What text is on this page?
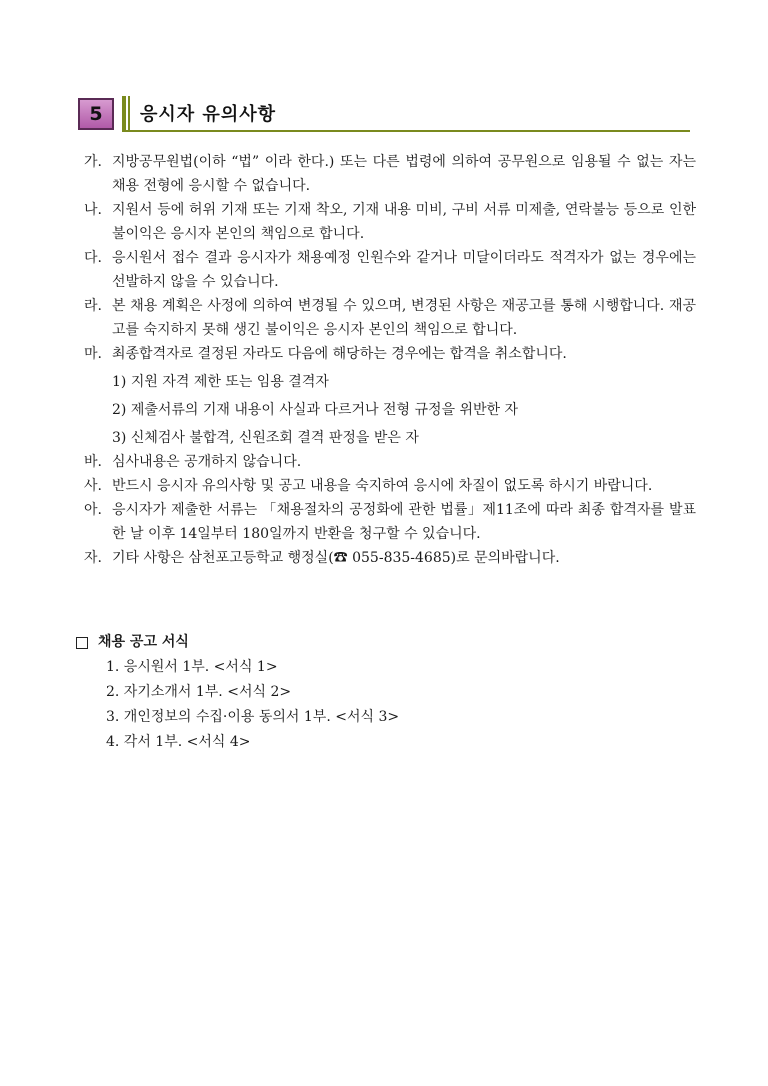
5	응시자 유의사항
가. 지방공무원법(이하 “법” 이라 한다.) 또는 다른 법령에 의하여 공무원으로 임용될 수 없는 자는 채용 전형에 응시할 수 없습니다.
나. 지원서 등에 허위 기재 또는 기재 착오, 기재 내용 미비, 구비 서류 미제출, 연락불능 등으로 인한 불이익은 응시자 본인의 책임으로 합니다.
다. 응시원서 접수 결과 응시자가 채용예정 인원수와 같거나 미달이더라도 적격자가 없는 경우에는 선발하지 않을 수 있습니다.
라. 본 채용 계획은 사정에 의하여 변경될 수 있으며, 변경된 사항은 재공고를 통해 시행합니다. 재공고를 숙지하지 못해 생긴 불이익은 응시자 본인의 책임으로 합니다.
마. 최종합격자로 결정된 자라도 다음에 해당하는 경우에는 합격을 취소합니다.
1) 지원 자격 제한 또는 임용 결격자
2) 제출서류의 기재 내용이 사실과 다르거나 전형 규정을 위반한 자
3) 신체검사 불합격, 신원조회 결격 판정을 받은 자
바. 심사내용은 공개하지 않습니다.
사. 반드시 응시자 유의사항 및 공고 내용을 숙지하여 응시에 차질이 없도록 하시기 바랍니다.
아. 응시자가 제출한 서류는 「채용절차의 공정화에 관한 법률」제11조에 따라 최종 합격자를 발표한 날 이후 14일부터 180일까지 반환을 청구할 수 있습니다.
자. 기타 사항은 삼천포고등학교 행정실(☎ 055-835-4685)로 문의바랍니다.
채용 공고 서식
1. 응시원서 1부. <서식 1>
2. 자기소개서 1부. <서식 2>
3. 개인정보의 수집·이용 동의서 1부. <서식 3>
4. 각서 1부. <서식 4>
